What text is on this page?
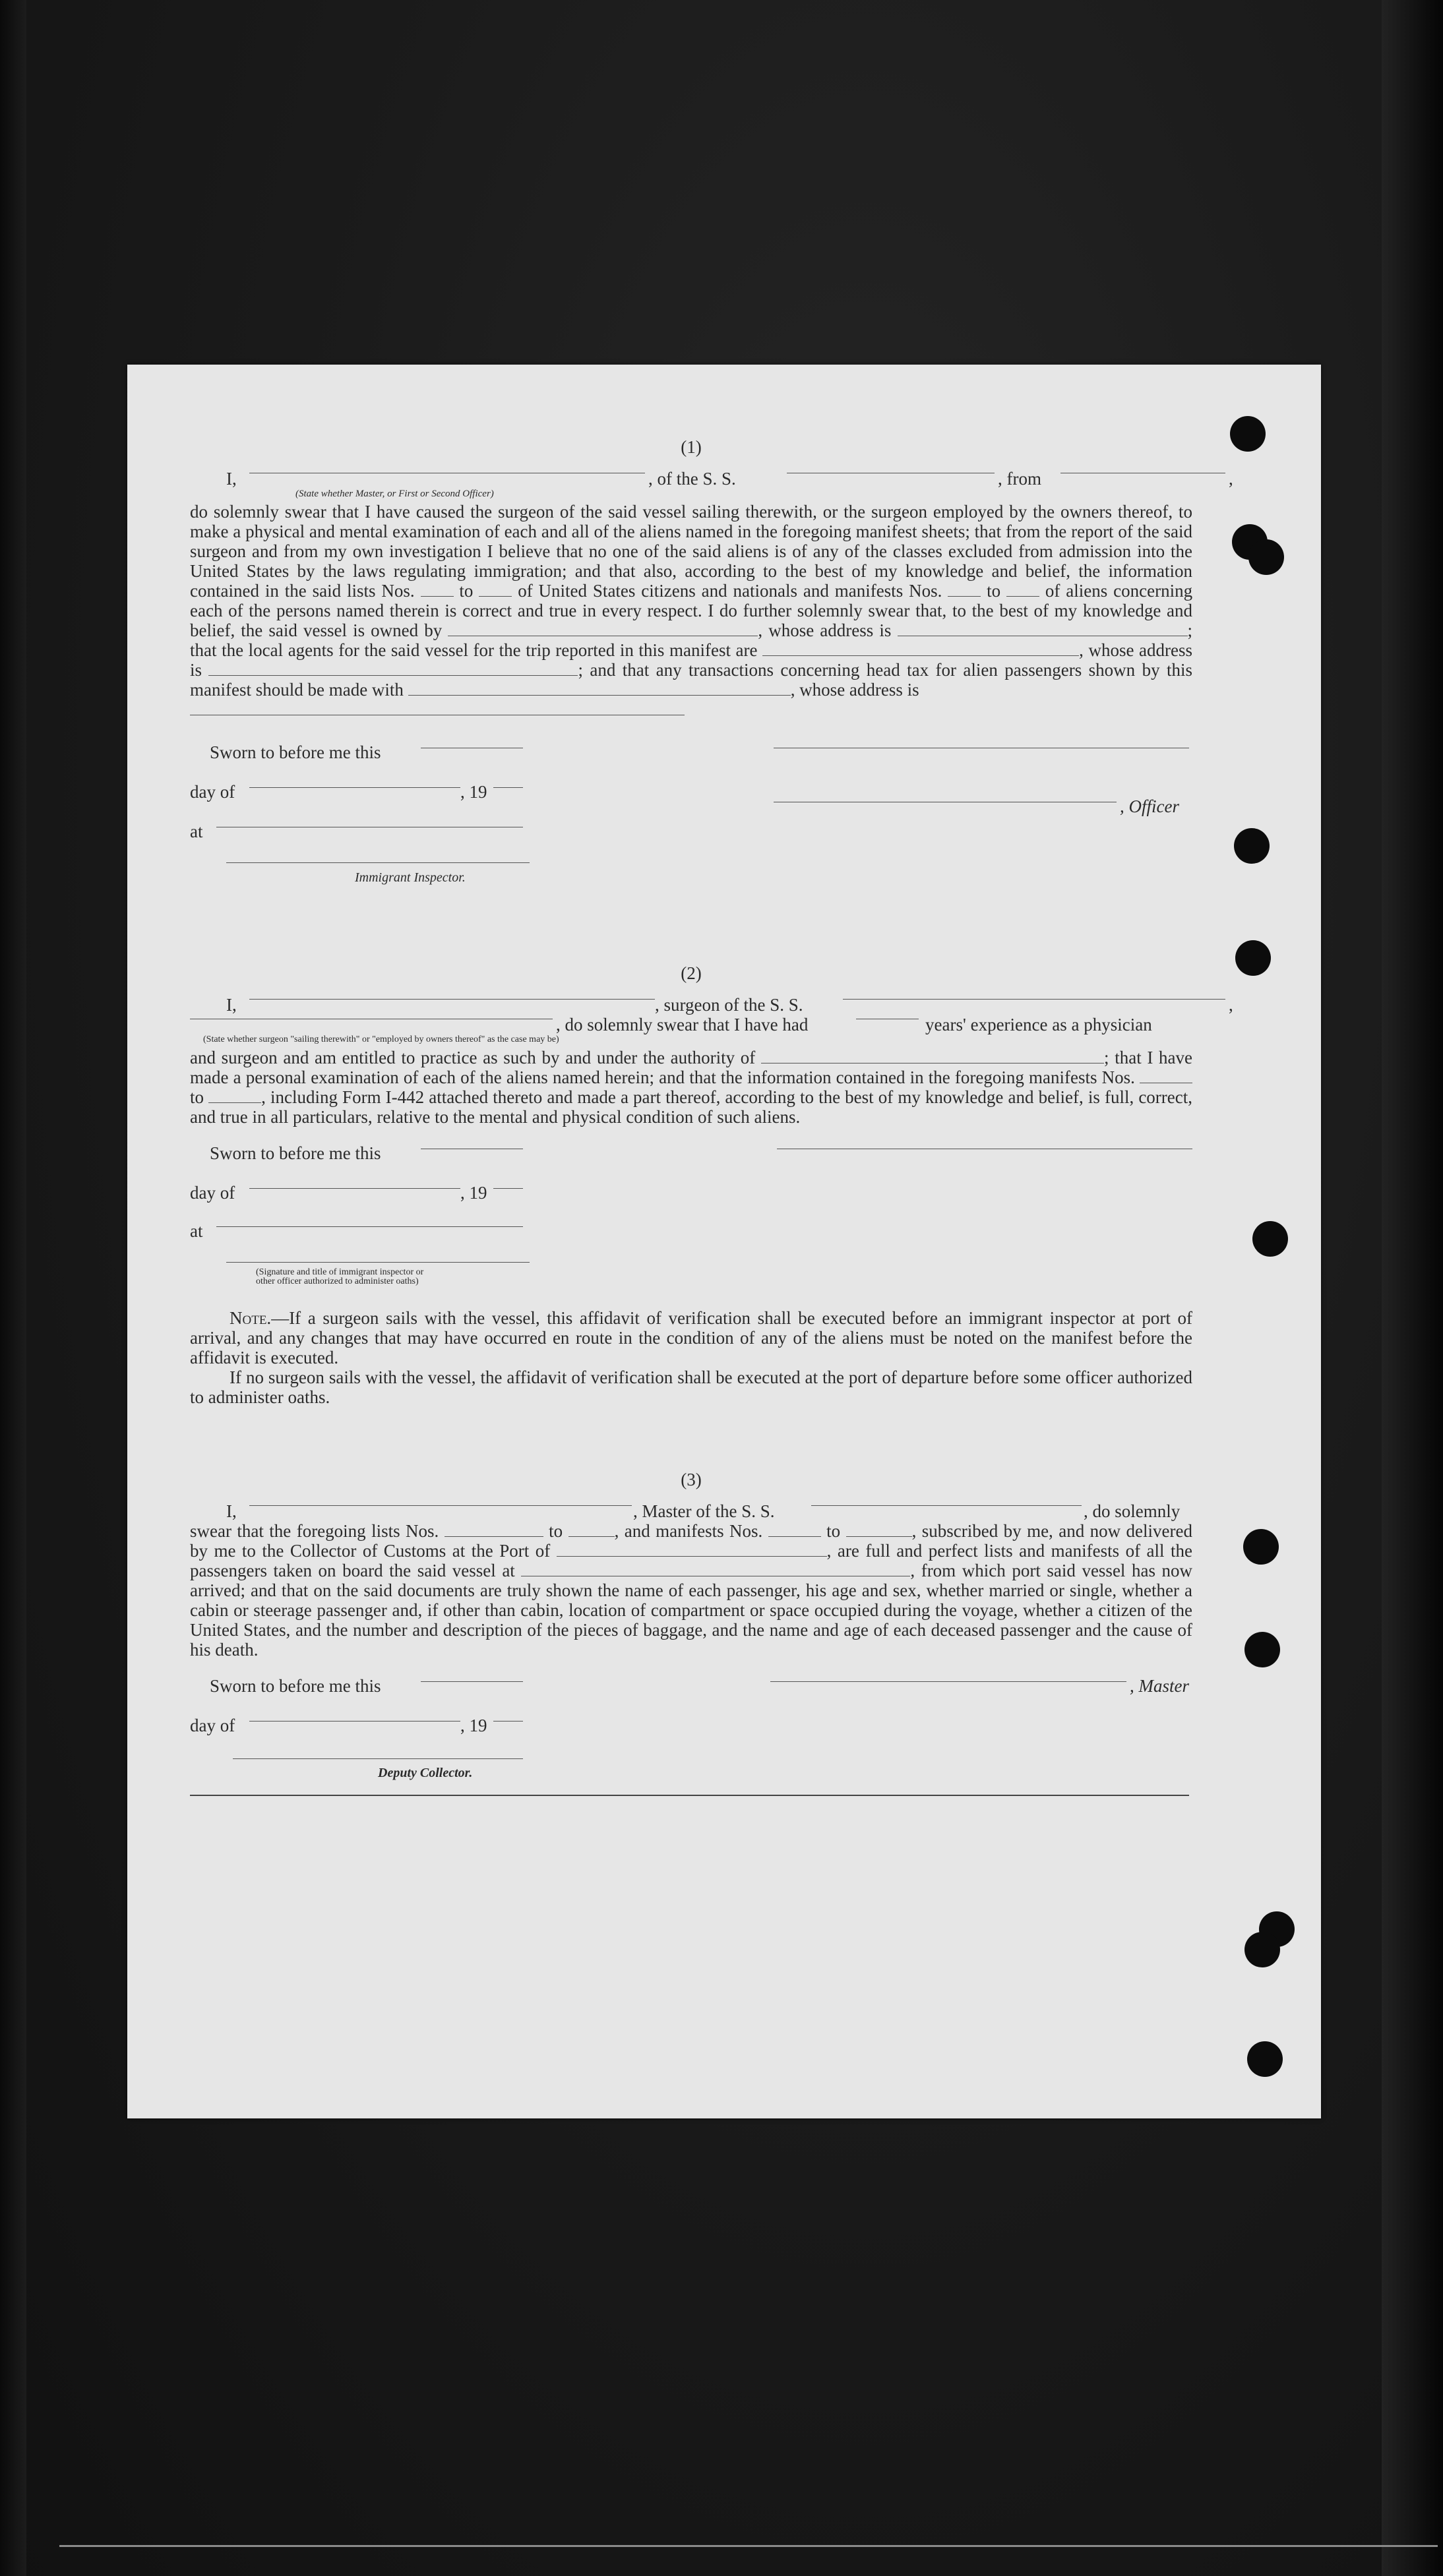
(1)

I,	, of the S. S.	, from	,
(State whether Master, or First or Second Officer)

do solemnly swear that I have caused the surgeon of the said vessel sailing therewith, or the surgeon employed by the owners thereof, to make a physical and mental examination of each and all of the aliens named in the foregoing manifest sheets; that from the report of the said surgeon and from my own investigation I believe that no one of the said aliens is of any of the classes excluded from admission into the United States by the laws regulating immigration; and that also, according to the best of my knowledge and belief, the information contained in the said lists Nos.	to	of United States citizens and nationals and manifests Nos.	to	of aliens concerning each of the persons named therein is correct and true in every respect. I do further solemnly swear that, to the best of my knowledge and belief, the said vessel is owned by	, whose address is	; that the local agents for the said vessel for the trip reported in this manifest are	, whose address is	; and that any transactions concerning head tax for alien passengers shown by this manifest should be made with	, whose address is

Sworn to before me this
day of	, 19
, Officer
at
Immigrant Inspector.

(2)

I,	, surgeon of the S. S.	,
, do solemnly swear that I have had	years' experience as a physician
(State whether surgeon "sailing therewith" or "employed by owners thereof" as the case may be)

and surgeon and am entitled to practice as such by and under the authority of	; that I have made a personal examination of each of the aliens named herein; and that the information contained in the foregoing manifests Nos.  to	, including Form I-442 attached thereto and made a part thereof, according to the best of my knowledge and belief, is full, correct, and true in all particulars, relative to the mental and physical condition of such aliens.

Sworn to before me this
day of	, 19
at
(Signature and title of immigrant inspector or
other officer authorized to administer oaths)

Note.—If a surgeon sails with the vessel, this affidavit of verification shall be executed before an immigrant inspector at port of arrival, and any changes that may have occurred en route in the condition of any of the aliens must be noted on the manifest before the affidavit is executed.

If no surgeon sails with the vessel, the affidavit of verification shall be executed at the port of departure before some officer authorized to administer oaths.

(3)

I,	, Master of the S. S.	, do solemnly

swear that the foregoing lists Nos.	to	, and manifests Nos.	to	, subscribed by me, and now delivered by me to the Collector of Customs at the Port of	, are full and perfect lists and manifests of all the passengers taken on board the said vessel at	, from which port said vessel has now arrived; and that on the said documents are truly shown the name of each passenger, his age and sex, whether married or single, whether a cabin or steerage passenger and, if other than cabin, location of compartment or space occupied during the voyage, whether a citizen of the United States, and the number and description of the pieces of baggage, and the name and age of each deceased passenger and the cause of his death.

Sworn to before me this	, Master
day of	, 19
Deputy Collector.
